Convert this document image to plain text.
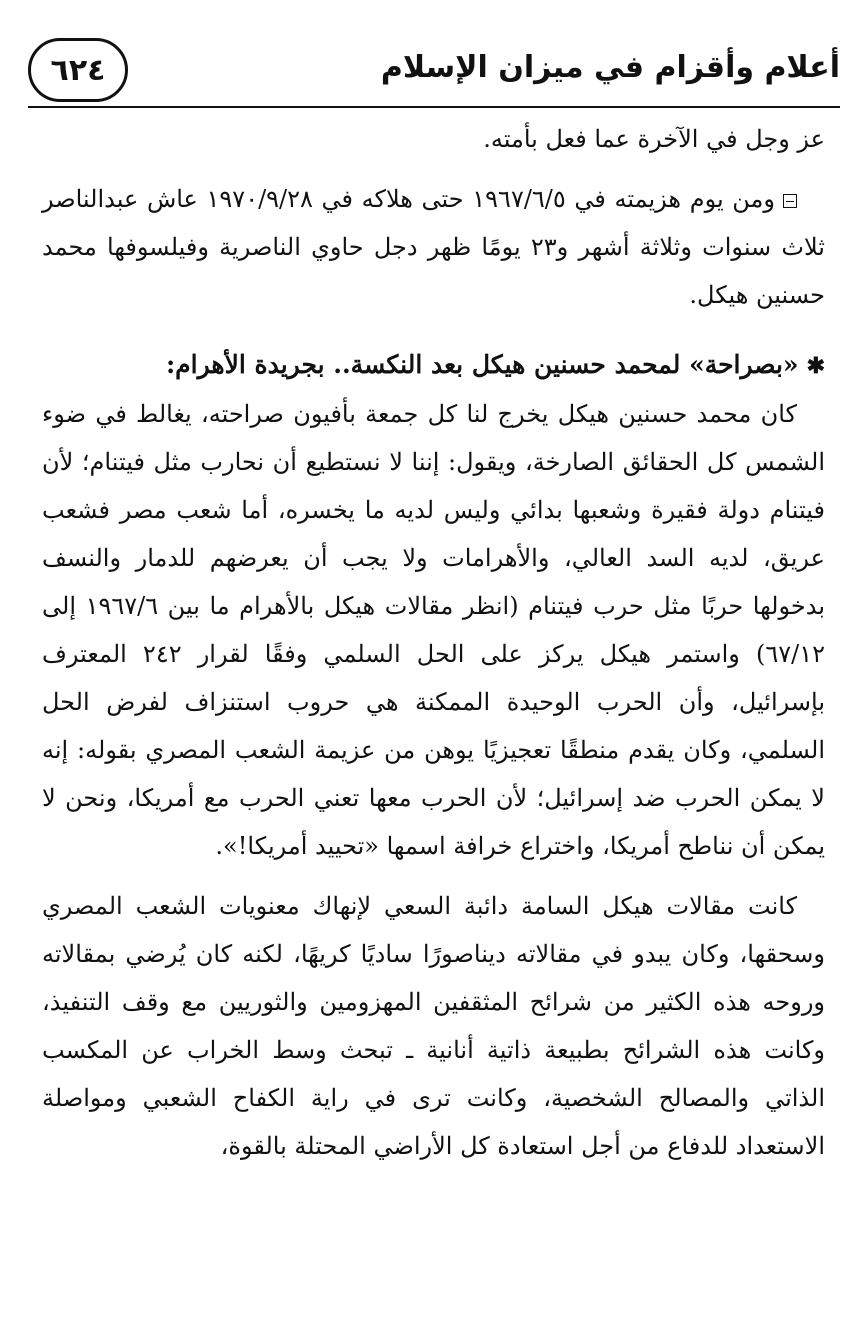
٦٢٤	أعلام وأقزام في ميزان الإسلام

عز وجل في الآخرة عما فعل بأمته.

ومن يوم هزيمته في ١٩٦٧/٦/٥ حتى هلاكه في ١٩٧٠/٩/٢٨ عاش عبدالناصر ثلاث سنوات وثلاثة أشهر و٢٣ يومًا ظهر دجل حاوي الناصرية وفيلسوفها محمد حسنين هيكل.

✱«بصراحة» لمحمد حسنين هيكل بعد النكسة.. بجريدة الأهرام:

كان محمد حسنين هيكل يخرج لنا كل جمعة بأفيون صراحته، يغالط في ضوء الشمس كل الحقائق الصارخة، ويقول: إننا لا نستطيع أن نحارب مثل فيتنام؛ لأن فيتنام دولة فقيرة وشعبها بدائي وليس لديه ما يخسره، أما شعب مصر فشعب عريق، لديه السد العالي، والأهرامات ولا يجب أن يعرضهم للدمار والنسف بدخولها حربًا مثل حرب فيتنام (انظر مقالات هيكل بالأهرام ما بين ١٩٦٧/٦ إلى ٦٧/١٢) واستمر هيكل يركز على الحل السلمي وفقًا لقرار ٢٤٢ المعترف بإسرائيل، وأن الحرب الوحيدة الممكنة هي حروب استنزاف لفرض الحل السلمي، وكان يقدم منطقًا تعجيزيًا يوهن من عزيمة الشعب المصري بقوله: إنه لا يمكن الحرب ضد إسرائيل؛ لأن الحرب معها تعني الحرب مع أمريكا، ونحن لا يمكن أن نناطح أمريكا، واختراع خرافة اسمها «تحييد أمريكا!».

كانت مقالات هيكل السامة دائبة السعي لإنهاك معنويات الشعب المصري وسحقها، وكان يبدو في مقالاته ديناصورًا ساديًا كريهًا، لكنه كان يُرضي بمقالاته وروحه هذه الكثير من شرائح المثقفين المهزومين والثوريين مع وقف التنفيذ، وكانت هذه الشرائح بطبيعة ذاتية أنانية ـ تبحث وسط الخراب عن المكسب الذاتي والمصالح الشخصية، وكانت ترى في راية الكفاح الشعبي ومواصلة الاستعداد للدفاع من أجل استعادة كل الأراضي المحتلة بالقوة،
